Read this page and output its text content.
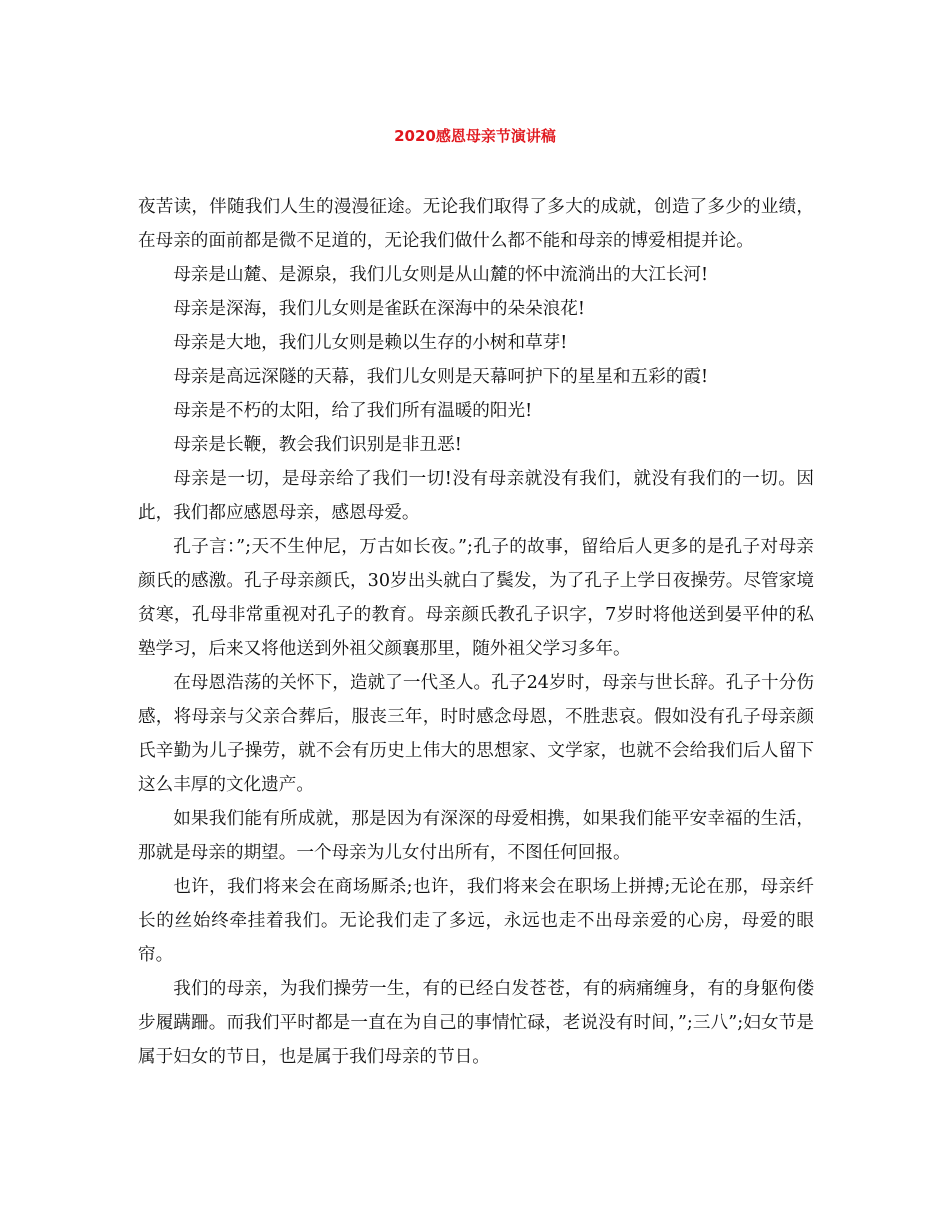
2020感恩母亲节演讲稿

夜苦读，伴随我们人生的漫漫征途。无论我们取得了多大的成就，创造了多少的业绩，在母亲的面前都是微不足道的，无论我们做什么都不能和母亲的博爱相提并论。

母亲是山麓、是源泉，我们儿女则是从山麓的怀中流淌出的大江长河!

母亲是深海，我们儿女则是雀跃在深海中的朵朵浪花!

母亲是大地，我们儿女则是赖以生存的小树和草芽!

母亲是高远深隧的天幕，我们儿女则是天幕呵护下的星星和五彩的霞!

母亲是不朽的太阳，给了我们所有温暖的阳光!

母亲是长鞭，教会我们识别是非丑恶!

母亲是一切，是母亲给了我们一切!没有母亲就没有我们，就没有我们的一切。因此，我们都应感恩母亲，感恩母爱。

孔子言：”;天不生仲尼，万古如长夜。”;孔子的故事，留给后人更多的是孔子对母亲颜氏的感激。孔子母亲颜氏，30岁出头就白了鬓发，为了孔子上学日夜操劳。尽管家境贫寒，孔母非常重视对孔子的教育。母亲颜氏教孔子识字，7岁时将他送到晏平仲的私塾学习，后来又将他送到外祖父颜襄那里，随外祖父学习多年。

在母恩浩荡的关怀下，造就了一代圣人。孔子24岁时，母亲与世长辞。孔子十分伤感，将母亲与父亲合葬后，服丧三年，时时感念母恩，不胜悲哀。假如没有孔子母亲颜氏辛勤为儿子操劳，就不会有历史上伟大的思想家、文学家，也就不会给我们后人留下这么丰厚的文化遗产。

如果我们能有所成就，那是因为有深深的母爱相携，如果我们能平安幸福的生活，那就是母亲的期望。一个母亲为儿女付出所有，不图任何回报。

也许，我们将来会在商场厮杀;也许，我们将来会在职场上拼搏;无论在那，母亲纤长的丝始终牵挂着我们。无论我们走了多远，永远也走不出母亲爱的心房，母爱的眼帘。

我们的母亲，为我们操劳一生，有的已经白发苍苍，有的病痛缠身，有的身躯佝偻步履蹒跚。而我们平时都是一直在为自己的事情忙碌，老说没有时间，”;三八”;妇女节是属于妇女的节日，也是属于我们母亲的节日。
